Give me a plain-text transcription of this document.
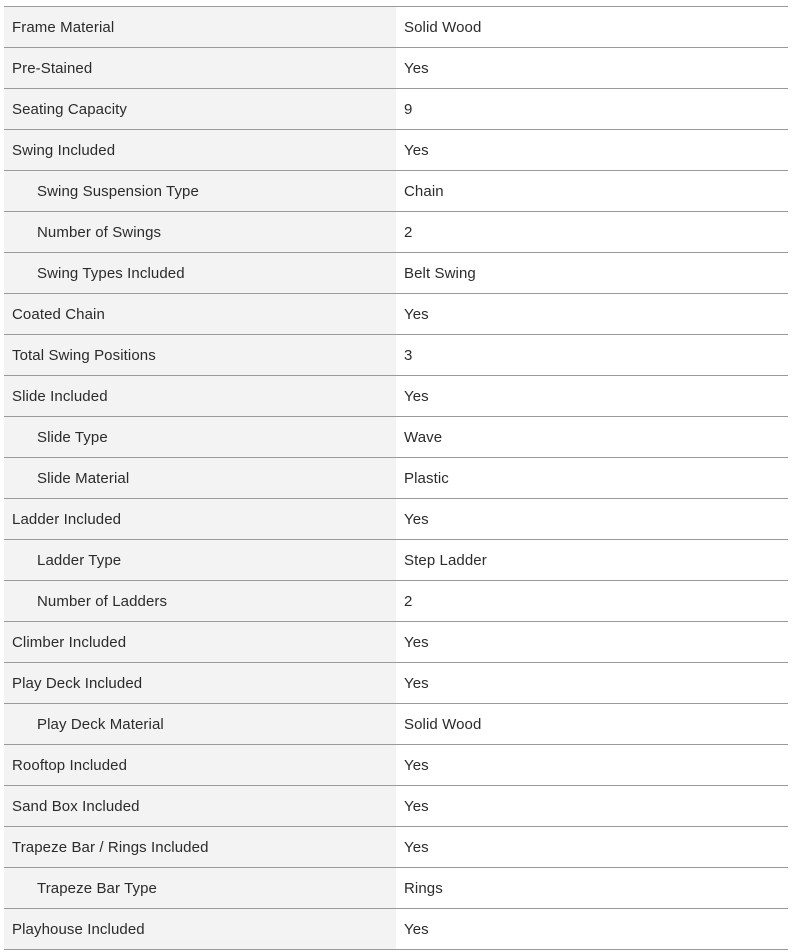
Frame Material	Solid Wood
Pre-Stained	Yes
Seating Capacity	9
Swing Included	Yes
Swing Suspension Type	Chain
Number of Swings	2
Swing Types Included	Belt Swing
Coated Chain	Yes
Total Swing Positions	3
Slide Included	Yes
Slide Type	Wave
Slide Material	Plastic
Ladder Included	Yes
Ladder Type	Step Ladder
Number of Ladders	2
Climber Included	Yes
Play Deck Included	Yes
Play Deck Material	Solid Wood
Rooftop Included	Yes
Sand Box Included	Yes
Trapeze Bar / Rings Included	Yes
Trapeze Bar Type	Rings
Playhouse Included	Yes
